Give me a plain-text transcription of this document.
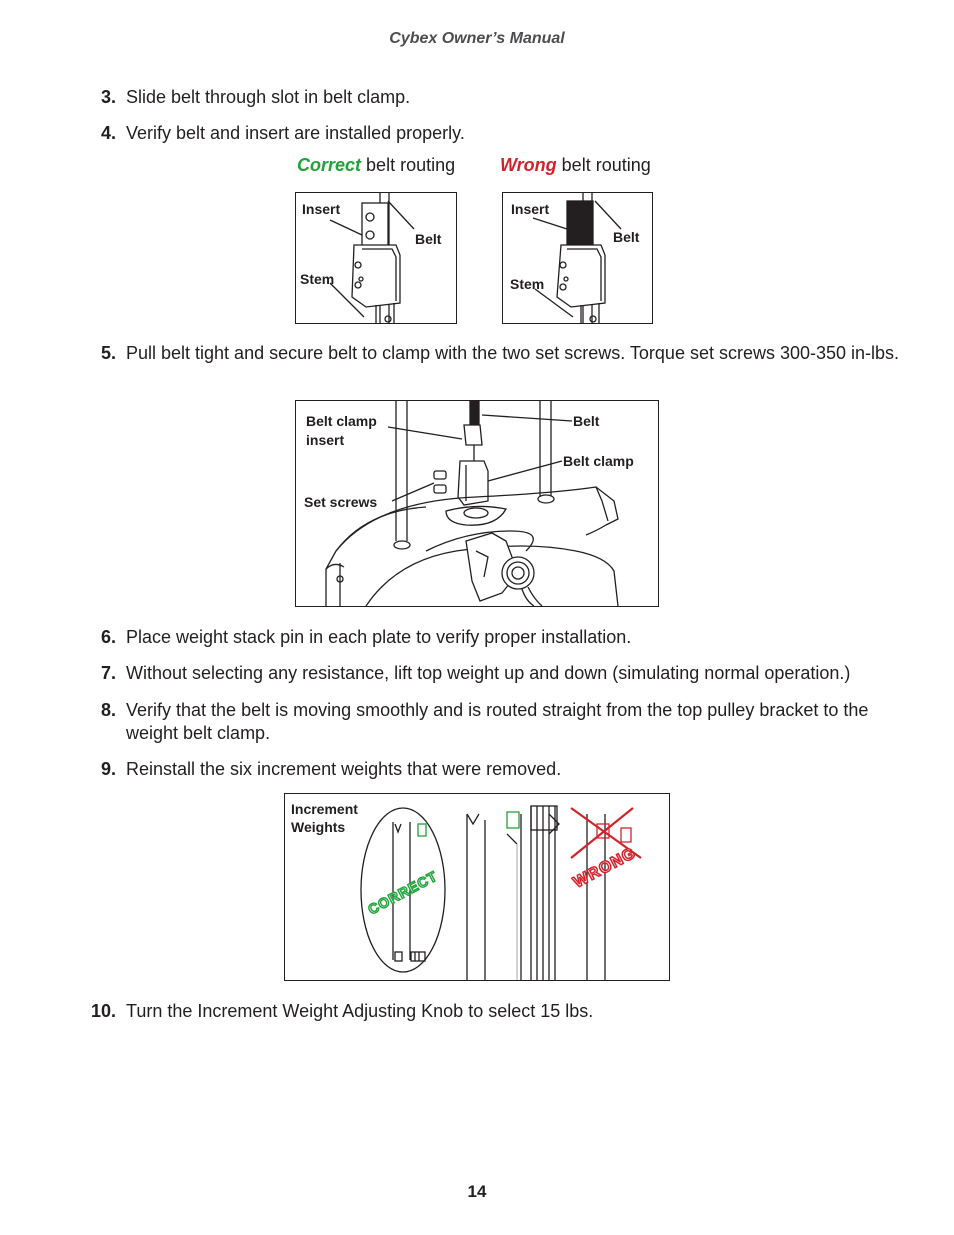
Cybex Owner’s Manual
3. Slide belt through slot in belt clamp.
4. Verify belt and insert are installed properly.
Correct belt routing Wrong belt routing
Insert
Belt
Stem
Insert
Belt
Stem
5. Pull belt tight and secure belt to clamp with the two set screws. Torque set screws 300-350 in-lbs.
Belt clamp
insert
Belt
Belt clamp
Set screws
6. Place weight stack pin in each plate to verify proper installation.
7. Without selecting any resistance, lift top weight up and down (simulating normal operation.)
8. Verify that the belt is moving smoothly and is routed straight from the top pulley bracket to the weight belt clamp.
9. Reinstall the six increment weights that were removed.
CORRECT	WRONG
Increment
Weights
10. Turn the Increment Weight Adjusting Knob to select 15 lbs.
14
